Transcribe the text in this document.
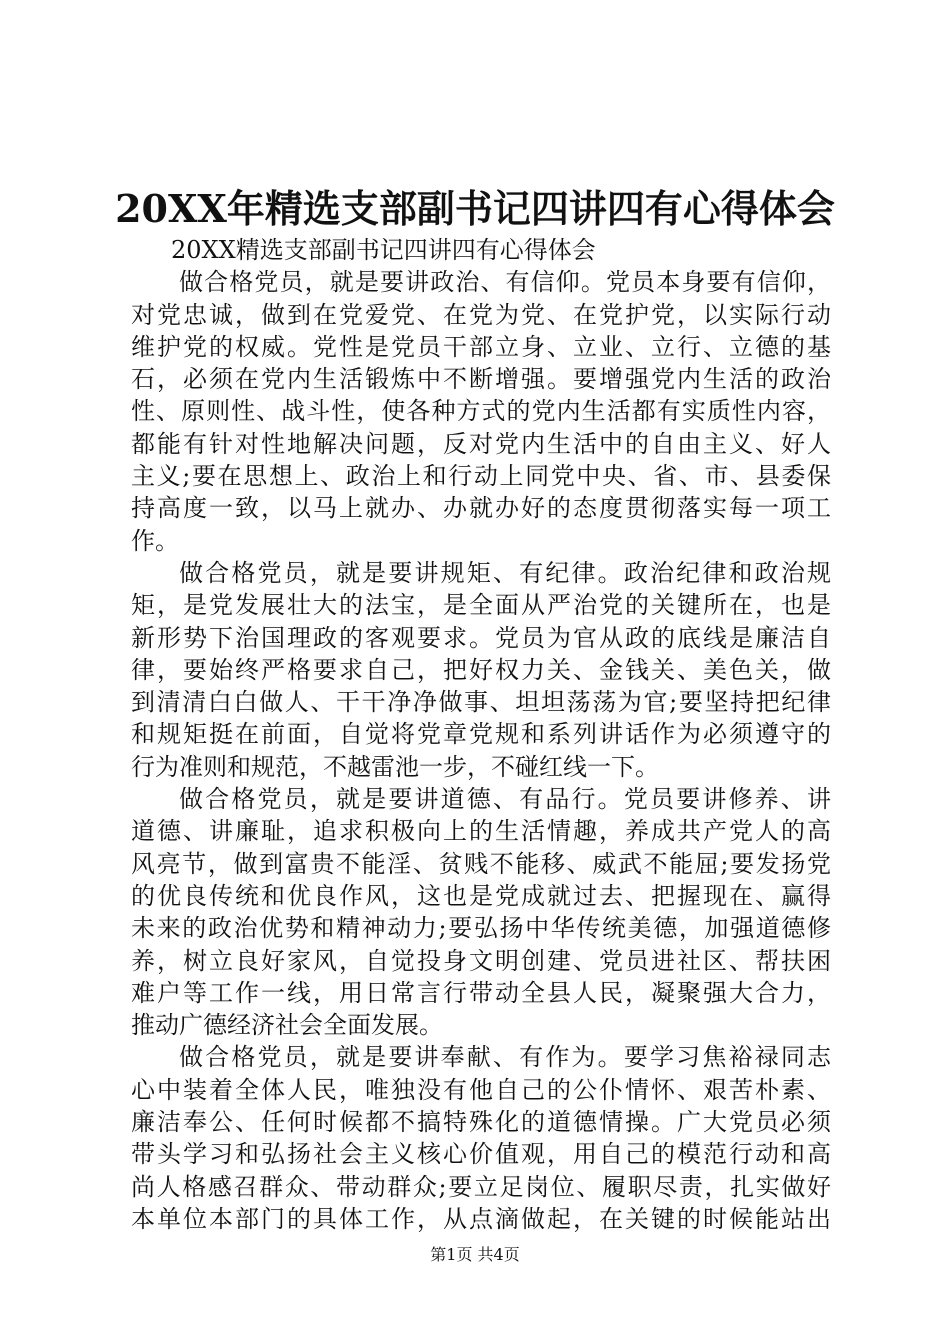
20XX年精选支部副书记四讲四有心得体会

20XX精选支部副书记四讲四有心得体会

做合格党员，就是要讲政治、有信仰。党员本身要有信仰，
对党忠诚，做到在党爱党、在党为党、在党护党，以实际行动
维护党的权威。党性是党员干部立身、立业、立行、立德的基
石，必须在党内生活锻炼中不断增强。要增强党内生活的政治
性、原则性、战斗性，使各种方式的党内生活都有实质性内容，
都能有针对性地解决问题，反对党内生活中的自由主义、好人
主义;要在思想上、政治上和行动上同党中央、省、市、县委保
持高度一致，以马上就办、办就办好的态度贯彻落实每一项工
作。
做合格党员，就是要讲规矩、有纪律。政治纪律和政治规
矩，是党发展壮大的法宝，是全面从严治党的关键所在，也是
新形势下治国理政的客观要求。党员为官从政的底线是廉洁自
律，要始终严格要求自己，把好权力关、金钱关、美色关，做
到清清白白做人、干干净净做事、坦坦荡荡为官;要坚持把纪律
和规矩挺在前面，自觉将党章党规和系列讲话作为必须遵守的
行为准则和规范，不越雷池一步，不碰红线一下。
做合格党员，就是要讲道德、有品行。党员要讲修养、讲
道德、讲廉耻，追求积极向上的生活情趣，养成共产党人的高
风亮节，做到富贵不能淫、贫贱不能移、威武不能屈;要发扬党
的优良传统和优良作风，这也是党成就过去、把握现在、赢得
未来的政治优势和精神动力;要弘扬中华传统美德，加强道德修
养，树立良好家风，自觉投身文明创建、党员进社区、帮扶困
难户等工作一线，用日常言行带动全县人民，凝聚强大合力，
推动广德经济社会全面发展。
做合格党员，就是要讲奉献、有作为。要学习焦裕禄同志
心中装着全体人民，唯独没有他自己的公仆情怀、艰苦朴素、
廉洁奉公、任何时候都不搞特殊化的道德情操。广大党员必须
带头学习和弘扬社会主义核心价值观，用自己的模范行动和高
尚人格感召群众、带动群众;要立足岗位、履职尽责，扎实做好
本单位本部门的具体工作，从点滴做起，在关键的时候能站出
第1页 共4页
